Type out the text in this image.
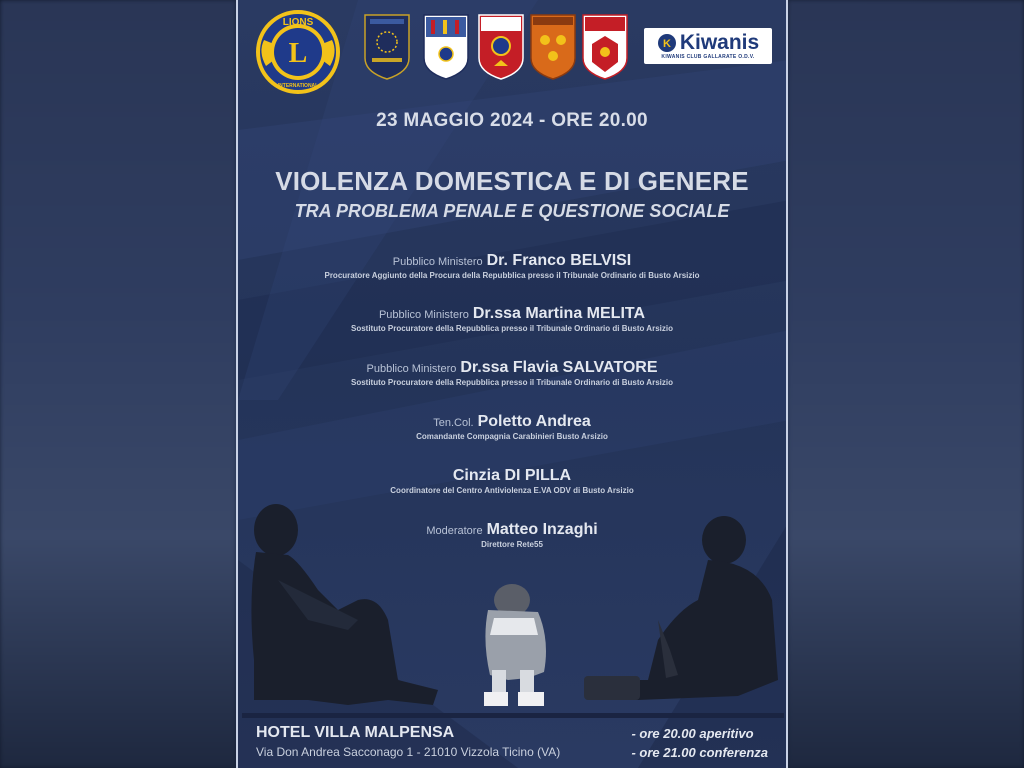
L
LIONS
INTERNATIONAL
K Kiwanis
KIWANIS CLUB GALLARATE O.D.V.
23 MAGGIO 2024 - ORE 20.00
VIOLENZA DOMESTICA E DI GENERE
TRA PROBLEMA PENALE E QUESTIONE SOCIALE
Pubblico Ministero Dr. Franco BELVISI
Procuratore Aggiunto della Procura della Repubblica presso il Tribunale Ordinario di Busto Arsizio
Pubblico Ministero Dr.ssa Martina MELITA
Sostituto Procuratore della Repubblica presso il Tribunale Ordinario di Busto Arsizio
Pubblico Ministero Dr.ssa Flavia SALVATORE
Sostituto Procuratore della Repubblica presso il Tribunale Ordinario di Busto Arsizio
Ten.Col. Poletto Andrea
Comandante Compagnia Carabinieri Busto Arsizio
Cinzia DI PILLA
Coordinatore del Centro Antiviolenza E.VA ODV di Busto Arsizio
Moderatore Matteo Inzaghi
Direttore Rete55
HOTEL VILLA MALPENSA
Via Don Andrea Sacconago 1 - 21010 Vizzola Ticino (VA)
- ore 20.00 aperitivo
- ore 21.00 conferenza
